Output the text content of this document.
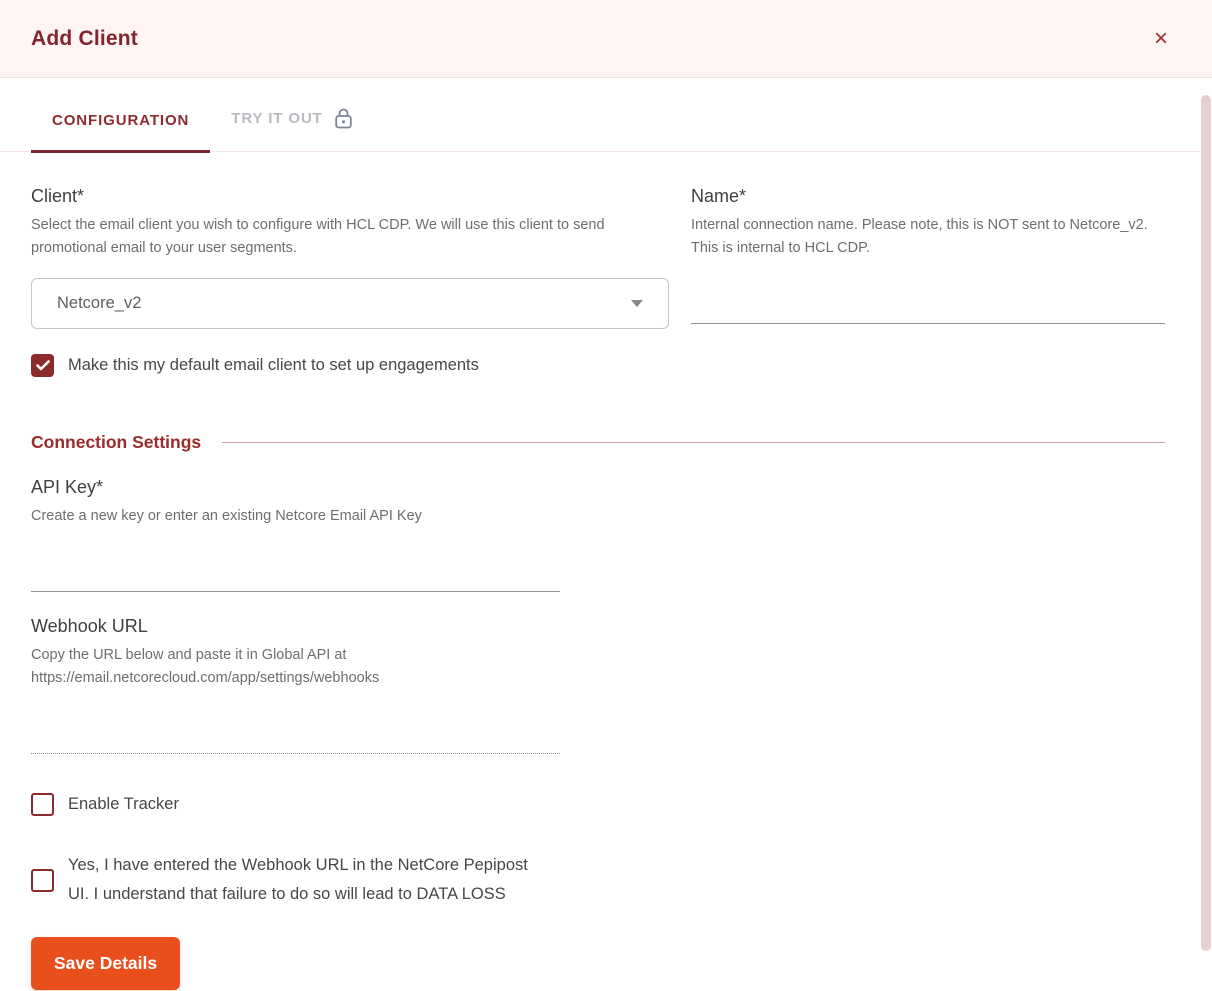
Add Client	×
CONFIGURATION	TRY IT OUT
Client*
Select the email client you wish to configure with HCL CDP. We will use this client to send promotional email to your user segments.
Netcore_v2
Make this my default email client to set up engagements
Name*
Internal connection name. Please note, this is NOT sent to Netcore_v2. This is internal to HCL CDP.
Connection Settings
API Key*
Create a new key or enter an existing Netcore Email API Key
Webhook URL
Copy the URL below and paste it in Global API at https://email.netcorecloud.com/app/settings/webhooks
Enable Tracker
Yes, I have entered the Webhook URL in the NetCore Pepipost UI. I understand that failure to do so will lead to DATA LOSS
Save Details
